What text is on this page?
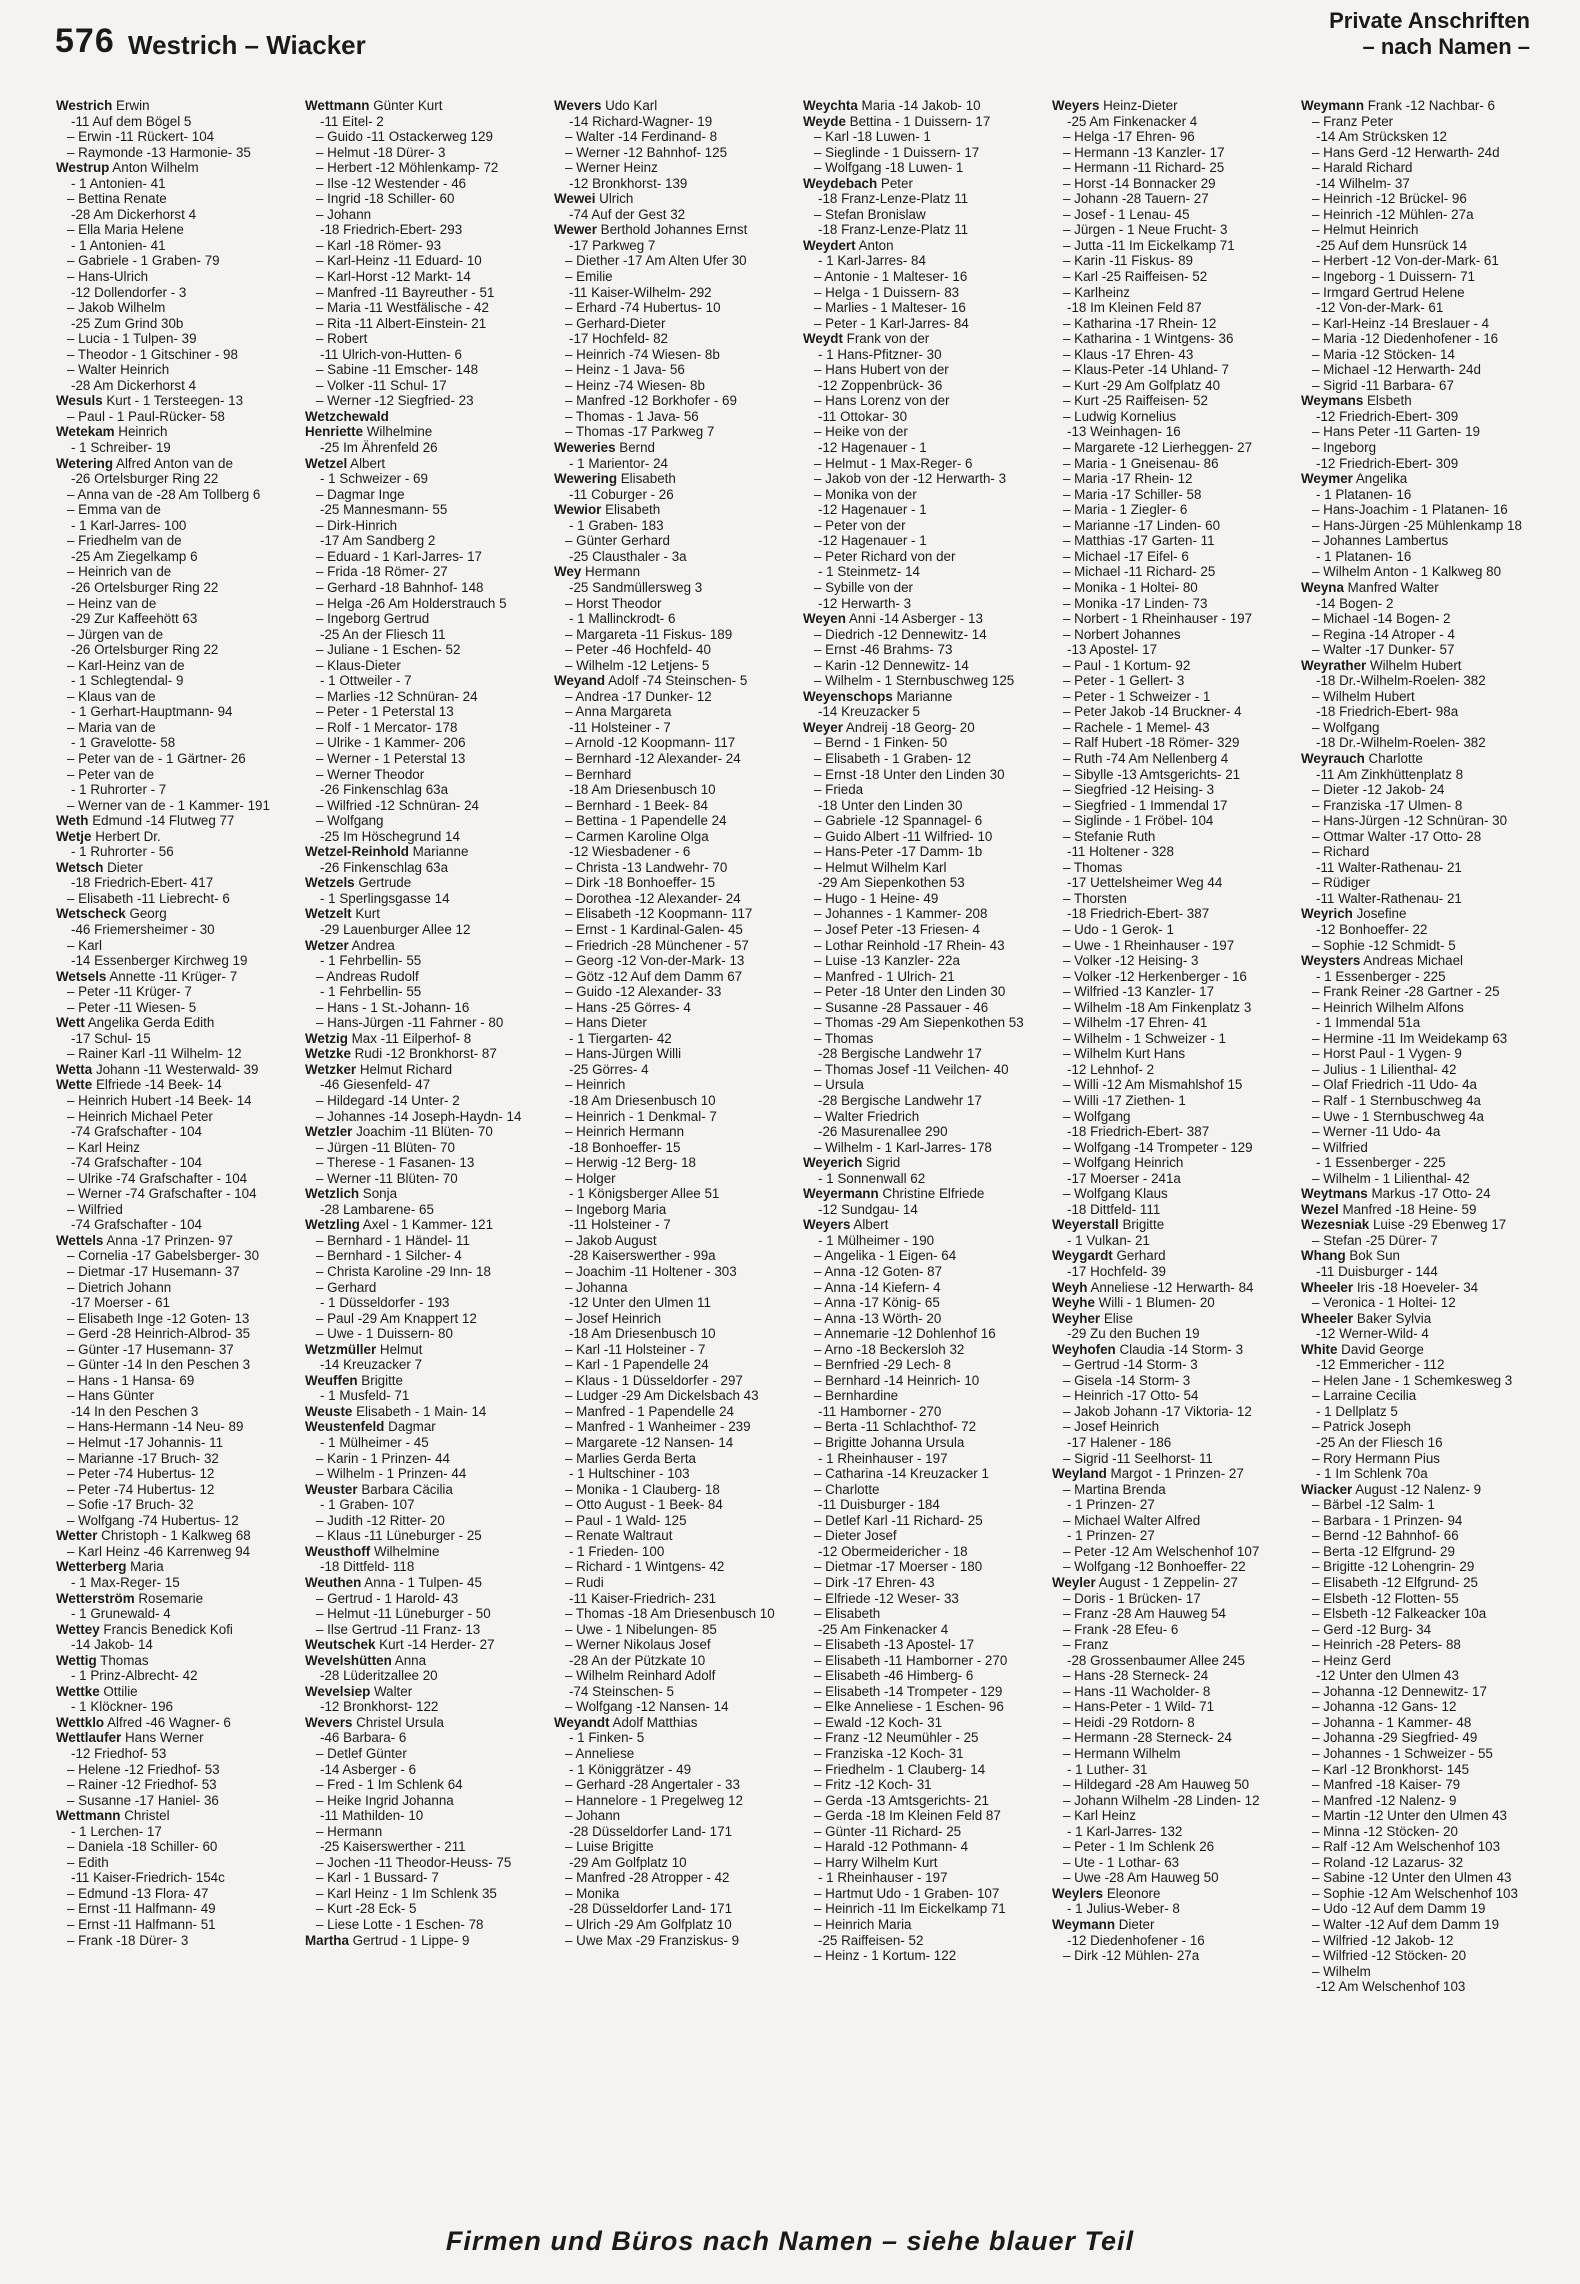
576 Westrich – Wiacker
Private Anschriften
– nach Namen –
Westrich Erwin
-11 Auf dem Bögel 5
– Erwin -11 Rückert- 104
– Raymonde -13 Harmonie- 35
Westrup Anton Wilhelm
- 1 Antonien- 41
– Bettina Renate
-28 Am Dickerhorst 4
– Ella Maria Helene
- 1 Antonien- 41
– Gabriele - 1 Graben- 79
– Hans-Ulrich
-12 Dollendorfer - 3
– Jakob Wilhelm
-25 Zum Grind 30b
– Lucia - 1 Tulpen- 39
– Theodor - 1 Gitschiner - 98
– Walter Heinrich
-28 Am Dickerhorst 4
Wesuls Kurt - 1 Tersteegen- 13
– Paul - 1 Paul-Rücker- 58
Wetekam Heinrich
- 1 Schreiber- 19
Wetering Alfred Anton van de
-26 Ortelsburger Ring 22
– Anna van de -28 Am Tollberg 6
– Emma van de
- 1 Karl-Jarres- 100
– Friedhelm van de
-25 Am Ziegelkamp 6
– Heinrich van de
-26 Ortelsburger Ring 22
– Heinz van de
-29 Zur Kaffeehött 63
– Jürgen van de
-26 Ortelsburger Ring 22
– Karl-Heinz van de
- 1 Schlegtendal- 9
– Klaus van de
- 1 Gerhart-Hauptmann- 94
– Maria van de
- 1 Gravelotte- 58
– Peter van de - 1 Gärtner- 26
– Peter van de
- 1 Ruhrorter - 7
– Werner van de - 1 Kammer- 191
Weth Edmund -14 Flutweg 77
Wetje Herbert Dr.
- 1 Ruhrorter - 56
Wetsch Dieter
-18 Friedrich-Ebert- 417
– Elisabeth -11 Liebrecht- 6
Wetscheck Georg
-46 Friemersheimer - 30
– Karl
-14 Essenberger Kirchweg 19
Wetsels Annette -11 Krüger- 7
– Peter -11 Krüger- 7
– Peter -11 Wiesen- 5
Wett Angelika Gerda Edith
-17 Schul- 15
– Rainer Karl -11 Wilhelm- 12
Wetta Johann -11 Westerwald- 39
Wette Elfriede -14 Beek- 14
– Heinrich Hubert -14 Beek- 14
– Heinrich Michael Peter
-74 Grafschafter - 104
– Karl Heinz
-74 Grafschafter - 104
– Ulrike -74 Grafschafter - 104
– Werner -74 Grafschafter - 104
– Wilfried
-74 Grafschafter - 104
Wettels Anna -17 Prinzen- 97
– Cornelia -17 Gabelsberger- 30
– Dietmar -17 Husemann- 37
– Dietrich Johann
-17 Moerser - 61
– Elisabeth Inge -12 Goten- 13
– Gerd -28 Heinrich-Albrod- 35
– Günter -17 Husemann- 37
– Günter -14 In den Peschen 3
– Hans - 1 Hansa- 69
– Hans Günter
-14 In den Peschen 3
– Hans-Hermann -14 Neu- 89
– Helmut -17 Johannis- 11
– Marianne -17 Bruch- 32
– Peter -74 Hubertus- 12
– Peter -74 Hubertus- 12
– Sofie -17 Bruch- 32
– Wolfgang -74 Hubertus- 12
Wetter Christoph - 1 Kalkweg 68
– Karl Heinz -46 Karrenweg 94
Wetterberg Maria
- 1 Max-Reger- 15
Wetterström Rosemarie
- 1 Grunewald- 4
Wettey Francis Benedick Kofi
-14 Jakob- 14
Wettig Thomas
- 1 Prinz-Albrecht- 42
Wettke Ottilie
- 1 Klöckner- 196
Wettklo Alfred -46 Wagner- 6
Wettlaufer Hans Werner
-12 Friedhof- 53
– Helene -12 Friedhof- 53
– Rainer -12 Friedhof- 53
– Susanne -17 Haniel- 36
Wettmann Christel
- 1 Lerchen- 17
– Daniela -18 Schiller- 60
– Edith
-11 Kaiser-Friedrich- 154c
– Edmund -13 Flora- 47
– Ernst -11 Halfmann- 49
– Ernst -11 Halfmann- 51
– Frank -18 Dürer- 3
Wettmann Günter Kurt
-11 Eitel- 2
– Guido -11 Ostackerweg 129
– Helmut -18 Dürer- 3
– Herbert -12 Möhlenkamp- 72
– Ilse -12 Westender - 46
– Ingrid -18 Schiller- 60
– Johann
-18 Friedrich-Ebert- 293
– Karl -18 Römer- 93
– Karl-Heinz -11 Eduard- 10
– Karl-Horst -12 Markt- 14
– Manfred -11 Bayreuther - 51
– Maria -11 Westfälische - 42
– Rita -11 Albert-Einstein- 21
– Robert
-11 Ulrich-von-Hutten- 6
– Sabine -11 Emscher- 148
– Volker -11 Schul- 17
– Werner -12 Siegfried- 23
Wetzchewald
Henriette Wilhelmine
-25 Im Ährenfeld 26
Wetzel Albert
- 1 Schweizer - 69
– Dagmar Inge
-25 Mannesmann- 55
– Dirk-Hinrich
-17 Am Sandberg 2
– Eduard - 1 Karl-Jarres- 17
– Frida -18 Römer- 27
– Gerhard -18 Bahnhof- 148
– Helga -26 Am Holderstrauch 5
– Ingeborg Gertrud
-25 An der Fliesch 11
– Juliane - 1 Eschen- 52
– Klaus-Dieter
- 1 Ottweiler - 7
– Marlies -12 Schnüran- 24
– Peter - 1 Peterstal 13
– Rolf - 1 Mercator- 178
– Ulrike - 1 Kammer- 206
– Werner - 1 Peterstal 13
– Werner Theodor
-26 Finkenschlag 63a
– Wilfried -12 Schnüran- 24
– Wolfgang
-25 Im Höschegrund 14
Wetzel-Reinhold Marianne
-26 Finkenschlag 63a
Wetzels Gertrude
- 1 Sperlingsgasse 14
Wetzelt Kurt
-29 Lauenburger Allee 12
Wetzer Andrea
- 1 Fehrbellin- 55
– Andreas Rudolf
- 1 Fehrbellin- 55
– Hans - 1 St.-Johann- 16
– Hans-Jürgen -11 Fahrner - 80
Wetzig Max -11 Eilperhof- 8
Wetzke Rudi -12 Bronkhorst- 87
Wetzker Helmut Richard
-46 Giesenfeld- 47
– Hildegard -14 Unter- 2
– Johannes -14 Joseph-Haydn- 14
Wetzler Joachim -11 Blüten- 70
– Jürgen -11 Blüten- 70
– Therese - 1 Fasanen- 13
– Werner -11 Blüten- 70
Wetzlich Sonja
-28 Lambarene- 65
Wetzling Axel - 1 Kammer- 121
– Bernhard - 1 Händel- 11
– Bernhard - 1 Silcher- 4
– Christa Karoline -29 Inn- 18
– Gerhard
- 1 Düsseldorfer - 193
– Paul -29 Am Knappert 12
– Uwe - 1 Duissern- 80
Wetzmüller Helmut
-14 Kreuzacker 7
Weuffen Brigitte
- 1 Musfeld- 71
Weuste Elisabeth - 1 Main- 14
Weustenfeld Dagmar
- 1 Mülheimer - 45
– Karin - 1 Prinzen- 44
– Wilhelm - 1 Prinzen- 44
Weuster Barbara Cäcilia
- 1 Graben- 107
– Judith -12 Ritter- 20
– Klaus -11 Lüneburger - 25
Weusthoff Wilhelmine
-18 Dittfeld- 118
Weuthen Anna - 1 Tulpen- 45
– Gertrud - 1 Harold- 43
– Helmut -11 Lüneburger - 50
– Ilse Gertrud -11 Franz- 13
Weutschek Kurt -14 Herder- 27
Wevelshütten Anna
-28 Lüderitzallee 20
Wevelsiep Walter
-12 Bronkhorst- 122
Wevers Christel Ursula
-46 Barbara- 6
– Detlef Günter
-14 Asberger - 6
– Fred - 1 Im Schlenk 64
– Heike Ingrid Johanna
-11 Mathilden- 10
– Hermann
-25 Kaiserswerther - 211
– Jochen -11 Theodor-Heuss- 75
– Karl - 1 Bussard- 7
– Karl Heinz - 1 Im Schlenk 35
– Kurt -28 Eck- 5
– Liese Lotte - 1 Eschen- 78
Martha Gertrud - 1 Lippe- 9
Wevers Udo Karl
-14 Richard-Wagner- 19
– Walter -14 Ferdinand- 8
– Werner -12 Bahnhof- 125
– Werner Heinz
-12 Bronkhorst- 139
Wewei Ulrich
-74 Auf der Gest 32
Wewer Berthold Johannes Ernst
-17 Parkweg 7
– Diether -17 Am Alten Ufer 30
– Emilie
-11 Kaiser-Wilhelm- 292
– Erhard -74 Hubertus- 10
– Gerhard-Dieter
-17 Hochfeld- 82
– Heinrich -74 Wiesen- 8b
– Heinz - 1 Java- 56
– Heinz -74 Wiesen- 8b
– Manfred -12 Borkhofer - 69
– Thomas - 1 Java- 56
– Thomas -17 Parkweg 7
Weweries Bernd
- 1 Marientor- 24
Wewering Elisabeth
-11 Coburger - 26
Wewior Elisabeth
- 1 Graben- 183
– Günter Gerhard
-25 Clausthaler - 3a
Wey Hermann
-25 Sandmüllersweg 3
– Horst Theodor
- 1 Mallinckrodt- 6
– Margareta -11 Fiskus- 189
– Peter -46 Hochfeld- 40
– Wilhelm -12 Letjens- 5
Weyand Adolf -74 Steinschen- 5
– Andrea -17 Dunker- 12
– Anna Margareta
-11 Holsteiner - 7
– Arnold -12 Koopmann- 117
– Bernhard -12 Alexander- 24
– Bernhard
-18 Am Driesenbusch 10
– Bernhard - 1 Beek- 84
– Bettina - 1 Papendelle 24
– Carmen Karoline Olga
-12 Wiesbadener - 6
– Christa -13 Landwehr- 70
– Dirk -18 Bonhoeffer- 15
– Dorothea -12 Alexander- 24
– Elisabeth -12 Koopmann- 117
– Ernst - 1 Kardinal-Galen- 45
– Friedrich -28 Münchener - 57
– Georg -12 Von-der-Mark- 13
– Götz -12 Auf dem Damm 67
– Guido -12 Alexander- 33
– Hans -25 Görres- 4
– Hans Dieter
- 1 Tiergarten- 42
– Hans-Jürgen Willi
-25 Görres- 4
– Heinrich
-18 Am Driesenbusch 10
– Heinrich - 1 Denkmal- 7
– Heinrich Hermann
-18 Bonhoeffer- 15
– Herwig -12 Berg- 18
– Holger
- 1 Königsberger Allee 51
– Ingeborg Maria
-11 Holsteiner - 7
– Jakob August
-28 Kaiserswerther - 99a
– Joachim -11 Holtener - 303
– Johanna
-12 Unter den Ulmen 11
– Josef Heinrich
-18 Am Driesenbusch 10
– Karl -11 Holsteiner - 7
– Karl - 1 Papendelle 24
– Klaus - 1 Düsseldorfer - 297
– Ludger -29 Am Dickelsbach 43
– Manfred - 1 Papendelle 24
– Manfred - 1 Wanheimer - 239
– Margarete -12 Nansen- 14
– Marlies Gerda Berta
- 1 Hultschiner - 103
– Monika - 1 Clauberg- 18
– Otto August - 1 Beek- 84
– Paul - 1 Wald- 125
– Renate Waltraut
- 1 Frieden- 100
– Richard - 1 Wintgens- 42
– Rudi
-11 Kaiser-Friedrich- 231
– Thomas -18 Am Driesenbusch 10
– Uwe - 1 Nibelungen- 85
– Werner Nikolaus Josef
-28 An der Pützkate 10
– Wilhelm Reinhard Adolf
-74 Steinschen- 5
– Wolfgang -12 Nansen- 14
Weyandt Adolf Matthias
- 1 Finken- 5
– Anneliese
- 1 Königgrätzer - 49
– Gerhard -28 Angertaler - 33
– Hannelore - 1 Pregelweg 12
– Johann
-28 Düsseldorfer Land- 171
– Luise Brigitte
-29 Am Golfplatz 10
– Manfred -28 Atropper - 42
– Monika
-28 Düsseldorfer Land- 171
– Ulrich -29 Am Golfplatz 10
– Uwe Max -29 Franziskus- 9
Weychta Maria -14 Jakob- 10
Weyde Bettina - 1 Duissern- 17
– Karl -18 Luwen- 1
– Sieglinde - 1 Duissern- 17
– Wolfgang -18 Luwen- 1
Weydebach Peter
-18 Franz-Lenze-Platz 11
– Stefan Bronislaw
-18 Franz-Lenze-Platz 11
Weydert Anton
- 1 Karl-Jarres- 84
– Antonie - 1 Malteser- 16
– Helga - 1 Duissern- 83
– Marlies - 1 Malteser- 16
– Peter - 1 Karl-Jarres- 84
Weydt Frank von der
- 1 Hans-Pfitzner- 30
– Hans Hubert von der
-12 Zoppenbrück- 36
– Hans Lorenz von der
-11 Ottokar- 30
– Heike von der
-12 Hagenauer - 1
– Helmut - 1 Max-Reger- 6
– Jakob von der -12 Herwarth- 3
– Monika von der
-12 Hagenauer - 1
– Peter von der
-12 Hagenauer - 1
– Peter Richard von der
- 1 Steinmetz- 14
– Sybille von der
-12 Herwarth- 3
Weyen Anni -14 Asberger - 13
– Diedrich -12 Dennewitz- 14
– Ernst -46 Brahms- 73
– Karin -12 Dennewitz- 14
– Wilhelm - 1 Sternbuschweg 125
Weyenschops Marianne
-14 Kreuzacker 5
Weyer Andreij -18 Georg- 20
– Bernd - 1 Finken- 50
– Elisabeth - 1 Graben- 12
– Ernst -18 Unter den Linden 30
– Frieda
-18 Unter den Linden 30
– Gabriele -12 Spannagel- 6
– Guido Albert -11 Wilfried- 10
– Hans-Peter -17 Damm- 1b
– Helmut Wilhelm Karl
-29 Am Siepenkothen 53
– Hugo - 1 Heine- 49
– Johannes - 1 Kammer- 208
– Josef Peter -13 Friesen- 4
– Lothar Reinhold -17 Rhein- 43
– Luise -13 Kanzler- 22a
– Manfred - 1 Ulrich- 21
– Peter -18 Unter den Linden 30
– Susanne -28 Passauer - 46
– Thomas -29 Am Siepenkothen 53
– Thomas
-28 Bergische Landwehr 17
– Thomas Josef -11 Veilchen- 40
– Ursula
-28 Bergische Landwehr 17
– Walter Friedrich
-26 Masurenallee 290
– Wilhelm - 1 Karl-Jarres- 178
Weyerich Sigrid
- 1 Sonnenwall 62
Weyermann Christine Elfriede
-12 Sundgau- 14
Weyers Albert
- 1 Mülheimer - 190
– Angelika - 1 Eigen- 64
– Anna -12 Goten- 87
– Anna -14 Kiefern- 4
– Anna -17 König- 65
– Anna -13 Wörth- 20
– Annemarie -12 Dohlenhof 16
– Arno -18 Beckersloh 32
– Bernfried -29 Lech- 8
– Bernhard -14 Heinrich- 10
– Bernhardine
-11 Hamborner - 270
– Berta -11 Schlachthof- 72
– Brigitte Johanna Ursula
- 1 Rheinhauser - 197
– Catharina -14 Kreuzacker 1
– Charlotte
-11 Duisburger - 184
– Detlef Karl -11 Richard- 25
– Dieter Josef
-12 Obermeidericher - 18
– Dietmar -17 Moerser - 180
– Dirk -17 Ehren- 43
– Elfriede -12 Weser- 33
– Elisabeth
-25 Am Finkenacker 4
– Elisabeth -13 Apostel- 17
– Elisabeth -11 Hamborner - 270
– Elisabeth -46 Himberg- 6
– Elisabeth -14 Trompeter - 129
– Elke Anneliese - 1 Eschen- 96
– Ewald -12 Koch- 31
– Franz -12 Neumühler - 25
– Franziska -12 Koch- 31
– Friedhelm - 1 Clauberg- 14
– Fritz -12 Koch- 31
– Gerda -13 Amtsgerichts- 21
– Gerda -18 Im Kleinen Feld 87
– Günter -11 Richard- 25
– Harald -12 Pothmann- 4
– Harry Wilhelm Kurt
- 1 Rheinhauser - 197
– Hartmut Udo - 1 Graben- 107
– Heinrich -11 Im Eickelkamp 71
– Heinrich Maria
-25 Raiffeisen- 52
– Heinz - 1 Kortum- 122
Weyers Heinz-Dieter
-25 Am Finkenacker 4
– Helga -17 Ehren- 96
– Hermann -13 Kanzler- 17
– Hermann -11 Richard- 25
– Horst -14 Bonnacker 29
– Johann -28 Tauern- 27
– Josef - 1 Lenau- 45
– Jürgen - 1 Neue Frucht- 3
– Jutta -11 Im Eickelkamp 71
– Karin -11 Fiskus- 89
– Karl -25 Raiffeisen- 52
– Karlheinz
-18 Im Kleinen Feld 87
– Katharina -17 Rhein- 12
– Katharina - 1 Wintgens- 36
– Klaus -17 Ehren- 43
– Klaus-Peter -14 Uhland- 7
– Kurt -29 Am Golfplatz 40
– Kurt -25 Raiffeisen- 52
– Ludwig Kornelius
-13 Weinhagen- 16
– Margarete -12 Lierheggen- 27
– Maria - 1 Gneisenau- 86
– Maria -17 Rhein- 12
– Maria -17 Schiller- 58
– Maria - 1 Ziegler- 6
– Marianne -17 Linden- 60
– Matthias -17 Garten- 11
– Michael -17 Eifel- 6
– Michael -11 Richard- 25
– Monika - 1 Holtei- 80
– Monika -17 Linden- 73
– Norbert - 1 Rheinhauser - 197
– Norbert Johannes
-13 Apostel- 17
– Paul - 1 Kortum- 92
– Peter - 1 Gellert- 3
– Peter - 1 Schweizer - 1
– Peter Jakob -14 Bruckner- 4
– Rachele - 1 Memel- 43
– Ralf Hubert -18 Römer- 329
– Ruth -74 Am Nellenberg 4
– Sibylle -13 Amtsgerichts- 21
– Siegfried -12 Heising- 3
– Siegfried - 1 Immendal 17
– Siglinde - 1 Fröbel- 104
– Stefanie Ruth
-11 Holtener - 328
– Thomas
-17 Uettelsheimer Weg 44
– Thorsten
-18 Friedrich-Ebert- 387
– Udo - 1 Gerok- 1
– Uwe - 1 Rheinhauser - 197
– Volker -12 Heising- 3
– Volker -12 Herkenberger - 16
– Wilfried -13 Kanzler- 17
– Wilhelm -18 Am Finkenplatz 3
– Wilhelm -17 Ehren- 41
– Wilhelm - 1 Schweizer - 1
– Wilhelm Kurt Hans
-12 Lehnhof- 2
– Willi -12 Am Mismahlshof 15
– Willi -17 Ziethen- 1
– Wolfgang
-18 Friedrich-Ebert- 387
– Wolfgang -14 Trompeter - 129
– Wolfgang Heinrich
-17 Moerser - 241a
– Wolfgang Klaus
-18 Dittfeld- 111
Weyerstall Brigitte
- 1 Vulkan- 21
Weygardt Gerhard
-17 Hochfeld- 39
Weyh Anneliese -12 Herwarth- 84
Weyhe Willi - 1 Blumen- 20
Weyher Elise
-29 Zu den Buchen 19
Weyhofen Claudia -14 Storm- 3
– Gertrud -14 Storm- 3
– Gisela -14 Storm- 3
– Heinrich -17 Otto- 54
– Jakob Johann -17 Viktoria- 12
– Josef Heinrich
-17 Halener - 186
– Sigrid -11 Seelhorst- 11
Weyland Margot - 1 Prinzen- 27
– Martina Brenda
- 1 Prinzen- 27
– Michael Walter Alfred
- 1 Prinzen- 27
– Peter -12 Am Welschenhof 107
– Wolfgang -12 Bonhoeffer- 22
Weyler August - 1 Zeppelin- 27
– Doris - 1 Brücken- 17
– Franz -28 Am Hauweg 54
– Frank -28 Efeu- 6
– Franz
-28 Grossenbaumer Allee 245
– Hans -28 Sterneck- 24
– Hans -11 Wacholder- 8
– Hans-Peter - 1 Wild- 71
– Heidi -29 Rotdorn- 8
– Hermann -28 Sterneck- 24
– Hermann Wilhelm
- 1 Luther- 31
– Hildegard -28 Am Hauweg 50
– Johann Wilhelm -28 Linden- 12
– Karl Heinz
- 1 Karl-Jarres- 132
– Peter - 1 Im Schlenk 26
– Ute - 1 Lothar- 63
– Uwe -28 Am Hauweg 50
Weylers Eleonore
- 1 Julius-Weber- 8
Weymann Dieter
-12 Diedenhofener - 16
– Dirk -12 Mühlen- 27a
Weymann Frank -12 Nachbar- 6
– Franz Peter
-14 Am Strücksken 12
– Hans Gerd -12 Herwarth- 24d
– Harald Richard
-14 Wilhelm- 37
– Heinrich -12 Brückel- 96
– Heinrich -12 Mühlen- 27a
– Helmut Heinrich
-25 Auf dem Hunsrück 14
– Herbert -12 Von-der-Mark- 61
– Ingeborg - 1 Duissern- 71
– Irmgard Gertrud Helene
-12 Von-der-Mark- 61
– Karl-Heinz -14 Breslauer - 4
– Maria -12 Diedenhofener - 16
– Maria -12 Stöcken- 14
– Michael -12 Herwarth- 24d
– Sigrid -11 Barbara- 67
Weymans Elsbeth
-12 Friedrich-Ebert- 309
– Hans Peter -11 Garten- 19
– Ingeborg
-12 Friedrich-Ebert- 309
Weymer Angelika
- 1 Platanen- 16
– Hans-Joachim - 1 Platanen- 16
– Hans-Jürgen -25 Mühlenkamp 18
– Johannes Lambertus
- 1 Platanen- 16
– Wilhelm Anton - 1 Kalkweg 80
Weyna Manfred Walter
-14 Bogen- 2
– Michael -14 Bogen- 2
– Regina -14 Atroper - 4
– Walter -17 Dunker- 57
Weyrather Wilhelm Hubert
-18 Dr.-Wilhelm-Roelen- 382
– Wilhelm Hubert
-18 Friedrich-Ebert- 98a
– Wolfgang
-18 Dr.-Wilhelm-Roelen- 382
Weyrauch Charlotte
-11 Am Zinkhüttenplatz 8
– Dieter -12 Jakob- 24
– Franziska -17 Ulmen- 8
– Hans-Jürgen -12 Schnüran- 30
– Ottmar Walter -17 Otto- 28
– Richard
-11 Walter-Rathenau- 21
– Rüdiger
-11 Walter-Rathenau- 21
Weyrich Josefine
-12 Bonhoeffer- 22
– Sophie -12 Schmidt- 5
Weysters Andreas Michael
- 1 Essenberger - 225
– Frank Reiner -28 Gartner - 25
– Heinrich Wilhelm Alfons
- 1 Immendal 51a
– Hermine -11 Im Weidekamp 63
– Horst Paul - 1 Vygen- 9
– Julius - 1 Lilienthal- 42
– Olaf Friedrich -11 Udo- 4a
– Ralf - 1 Sternbuschweg 4a
– Uwe - 1 Sternbuschweg 4a
– Werner -11 Udo- 4a
– Wilfried
- 1 Essenberger - 225
– Wilhelm - 1 Lilienthal- 42
Weytmans Markus -17 Otto- 24
Wezel Manfred -18 Heine- 59
Wezesniak Luise -29 Ebenweg 17
– Stefan -25 Dürer- 7
Whang Bok Sun
-11 Duisburger - 144
Wheeler Iris -18 Hoeveler- 34
– Veronica - 1 Holtei- 12
Wheeler Baker Sylvia
-12 Werner-Wild- 4
White David George
-12 Emmericher - 112
– Helen Jane - 1 Schemkesweg 3
– Larraine Cecilia
- 1 Dellplatz 5
– Patrick Joseph
-25 An der Fliesch 16
– Rory Hermann Pius
- 1 Im Schlenk 70a
Wiacker August -12 Nalenz- 9
– Bärbel -12 Salm- 1
– Barbara - 1 Prinzen- 94
– Bernd -12 Bahnhof- 66
– Berta -12 Elfgrund- 29
– Brigitte -12 Lohengrin- 29
– Elisabeth -12 Elfgrund- 25
– Elsbeth -12 Flotten- 55
– Elsbeth -12 Falkeacker 10a
– Gerd -12 Burg- 34
– Heinrich -28 Peters- 88
– Heinz Gerd
-12 Unter den Ulmen 43
– Johanna -12 Dennewitz- 17
– Johanna -12 Gans- 12
– Johanna - 1 Kammer- 48
– Johanna -29 Siegfried- 49
– Johannes - 1 Schweizer - 55
– Karl -12 Bronkhorst- 145
– Manfred -18 Kaiser- 79
– Manfred -12 Nalenz- 9
– Martin -12 Unter den Ulmen 43
– Minna -12 Stöcken- 20
– Ralf -12 Am Welschenhof 103
– Roland -12 Lazarus- 32
– Sabine -12 Unter den Ulmen 43
– Sophie -12 Am Welschenhof 103
– Udo -12 Auf dem Damm 19
– Walter -12 Auf dem Damm 19
– Wilfried -12 Jakob- 12
– Wilfried -12 Stöcken- 20
– Wilhelm
-12 Am Welschenhof 103
Firmen und Büros nach Namen – siehe blauer Teil
